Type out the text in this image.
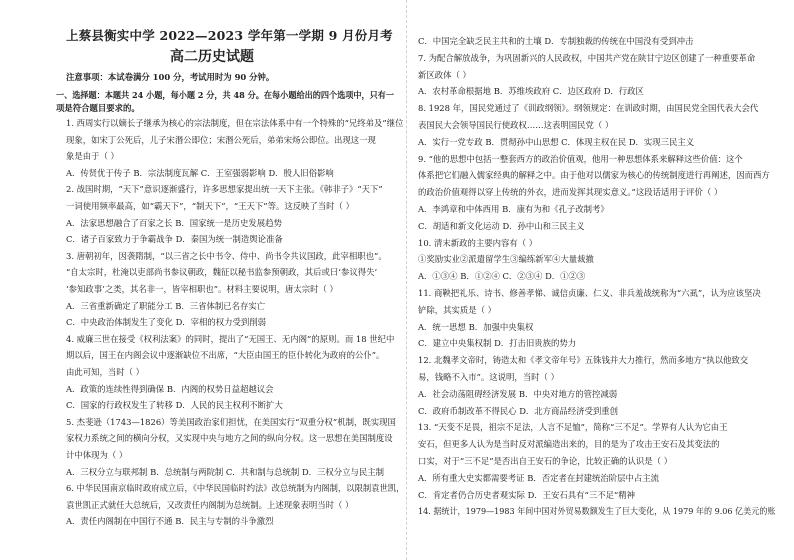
上蔡县衡实中学 2022—2023 学年第一学期 9 月份月考
高二历史试题
注意事项：本试卷满分 100 分，考试用时为 90 分钟。
一、选择题：本题共 24 小题，每小题 2 分，共 48 分。在每小题给出的四个选项中，只有一
项是符合题目要求的。
1. 西周实行以嫡长子继承为核心的宗法制度，但在宗法体系中有一个特殊的“兄终弟及”继位
现象，如宋丁公死后，儿子宋湣公即位；宋湣公死后，弟弟宋炀公即位。出现这一现
象是由于（ ）
A．传贤优于传子 B．宗法制度瓦解 C．王室强弱影响 D．殷人旧俗影响
2. 战国时期，“天下”意识逐渐盛行，许多思想家提出统一天下主张。《韩非子》“天下”
一词使用频率最高，如“霸天下”，“制天下”，“王天下”等。这反映了当时（ ）
A．法家思想融合了百家之长 B．国家统一是历史发展趋势
C．诸子百家致力于争霸战争 D．秦国为统一制造舆论准备
3. 唐朝初年，因袭隋制，“以三省之长中书令、侍中、尚书令共议国政，此宰相职也”。
“自太宗时，杜淹以吏部尚书参议朝政，魏征以秘书监参预朝政，其后或曰‘参议得失’
‘参知政事’之类，其名非一，皆宰相职也”。材料主要说明，唐太宗时（ ）
A．三省重新确定了职能分工 B．三省体制已名存实亡
C．中央政治体制发生了变化 D．宰相的权力受到削弱
4. 威廉三世在接受《权利法案》的同时，提出了“无国王、无内阁”的原则。而 18 世纪中
期以后，国王在内阁会议中逐渐缺位不出席，“大臣由国王的臣仆转化为政府的公仆”。
由此可知，当时（ ）
A．政策的连续性得到确保 B．内阁的权势日益超越议会
C．国家的行政权发生了转移 D．人民的民主权利不断扩大
5. 杰斐逊（1743—1826）等美国政治家们担忧，在美国实行“双重分权”机制，既实现国
家权力系统之间的横向分权，又实现中央与地方之间的纵向分权。这一思想在美国制度设
计中体现为（ ）
A．三权分立与联邦制 B．总统制与两院制 C．共和制与总统制 D．三权分立与民主制
6. 中华民国南京临时政府成立后，《中华民国临时约法》改总统制为内阁制，以限制袁世凯，
袁世凯正式就任大总统后，又改责任内阁制为总统制。上述现象表明当时（ ）
A．责任内阁制在中国行不通 B．民主与专制的斗争激烈
C．中国完全缺乏民主共和的土壤 D．专制独裁的传统在中国没有受到冲击
7. 为配合解放战争，为巩固新兴的人民政权，中国共产党在陕甘宁边区创建了一种重要革命
新区政体（ ）
A．农村革命根据地 B．苏维埃政府 C．边区政府 D．行政区
8. 1928 年，国民党通过了《训政纲领》。纲领规定：在训政时期，由国民党全国代表大会代
表国民大会领导国民行使政权……这表明国民党（ ）
A．实行一党专政 B．贯彻孙中山思想 C．体现主权在民 D．实现三民主义
9. “他的思想中包括一整套西方的政治价值观，他用一种思想体系来解释这些价值：这个
体系把它们融入儒家经典的解释之中。由于他对以儒家为核心的传统制度进行再阐述，因而西方
的政治价值观得以穿上传统的外衣，进而发挥其现实意义。”这段话适用于评价（ ）
A．李鸿章和中体西用 B．康有为和《孔子改制考》
C．胡适和新文化运动 D．孙中山和三民主义
10. 清末新政的主要内容有（ ）
①奖励实业②派遣留学生③编练新军④大量裁撤
A．①③④ B．①②④ C．②③④ D．①②③
11. 商鞅把礼乐、诗书、修善孝悌、诚信贞廉、仁义、非兵羞战统称为“六虱”，认为应该坚决
铲除，其实质是（ ）
A．统一思想 B．加强中央集权
C．建立中央集权制 D．打击旧贵族的势力
12. 北魏孝文帝时，铸造太和《孝文帝年号》五铢钱并大力推行，然而多地方“执以他致交
易，钱略不入市”。这说明，当时（ ）
A．社会动荡阻碍经济发展 B．中央对地方的管控减弱
C．政府币制改革不得民心 D．北方商品经济受到重创
13. “天变不足畏，祖宗不足法，人言不足恤”，简称“三不足”。学界有人认为它由王
安石，但更多人认为是当时反对派编造出来的，目的是为了攻击王安石及其变法的
口实，对于“三不足”是否出自王安石的争论，比较正确的认识是（ ）
A．所有重大史实都需要考证 B．否定者在封建统治阶层中占主流
C．肯定者仍合历史者观实际 D．王安石具有“三不足”精神
14. 据统计，1979—1983 年间中国对外贸易数额发生了巨大变化，从 1979 年的 9.06 亿美元的账
